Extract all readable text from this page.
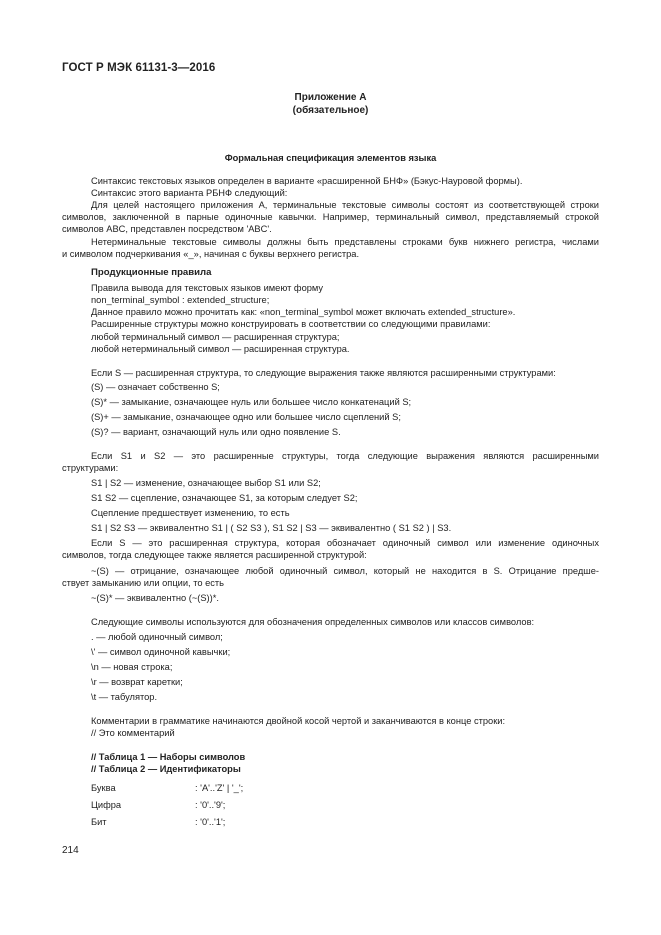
ГОСТ Р МЭК 61131-3—2016
Приложение А
(обязательное)
Формальная спецификация элементов языка
Синтаксис текстовых языков определен в варианте «расширенной БНФ» (Бэкус-Науровой формы).
Синтаксис этого варианта РБНФ следующий:
Для целей настоящего приложения А, терминальные текстовые символы состоят из соответствующей строки
символов, заключенной в парные одиночные кавычки. Например, терминальный символ, представляемый строкой
символов ABC, представлен посредством 'ABC'.
Нетерминальные текстовые символы должны быть представлены строками букв нижнего регистра, числами
и символом подчеркивания «_», начиная с буквы верхнего регистра.
Продукционные правила
Правила вывода для текстовых языков имеют форму
non_terminal_symbol : extended_structure;
Данное правило можно прочитать как: «non_terminal_symbol может включать extended_structure».
Расширенные структуры можно конструировать в соответствии со следующими правилами:
любой терминальный символ — расширенная структура;
любой нетерминальный символ — расширенная структура.
Если S — расширенная структура, то следующие выражения также являются расширенными структурами:
(S) — означает собственно S;
(S)* — замыкание, означающее нуль или большее число конкатенаций S;
(S)+ — замыкание, означающее одно или большее число сцеплений S;
(S)? — вариант, означающий нуль или одно появление S.
Если S1 и S2 — это расширенные структуры, тогда следующие выражения являются расширенными
структурами:
S1 | S2 — изменение, означающее выбор S1 или S2;
S1 S2 — сцепление, означающее S1, за которым следует S2;
Сцепление предшествует изменению, то есть
S1 | S2 S3 — эквивалентно S1 | ( S2 S3 ), S1 S2 | S3 — эквивалентно ( S1 S2 ) | S3.
Если S — это расширенная структура, которая обозначает одиночный символ или изменение одиночных
символов, тогда следующее также является расширенной структурой:
~(S) — отрицание, означающее любой одиночный символ, который не находится в S. Отрицание предше-
ствует замыканию или опции, то есть
~(S)* — эквивалентно (~(S))*.
Следующие символы используются для обозначения определенных символов или классов символов:
. — любой одиночный символ;
\' — символ одиночной кавычки;
\n — новая строка;
\r — возврат каретки;
\t — табулятор.
Комментарии в грамматике начинаются двойной косой чертой и заканчиваются в конце строки:
// Это комментарий
// Таблица 1 — Наборы символов
// Таблица 2 — Идентификаторы
Буква	: 'A'..'Z' | '_';
Цифра	: '0'..'9';
Бит	: '0'..'1';
214
